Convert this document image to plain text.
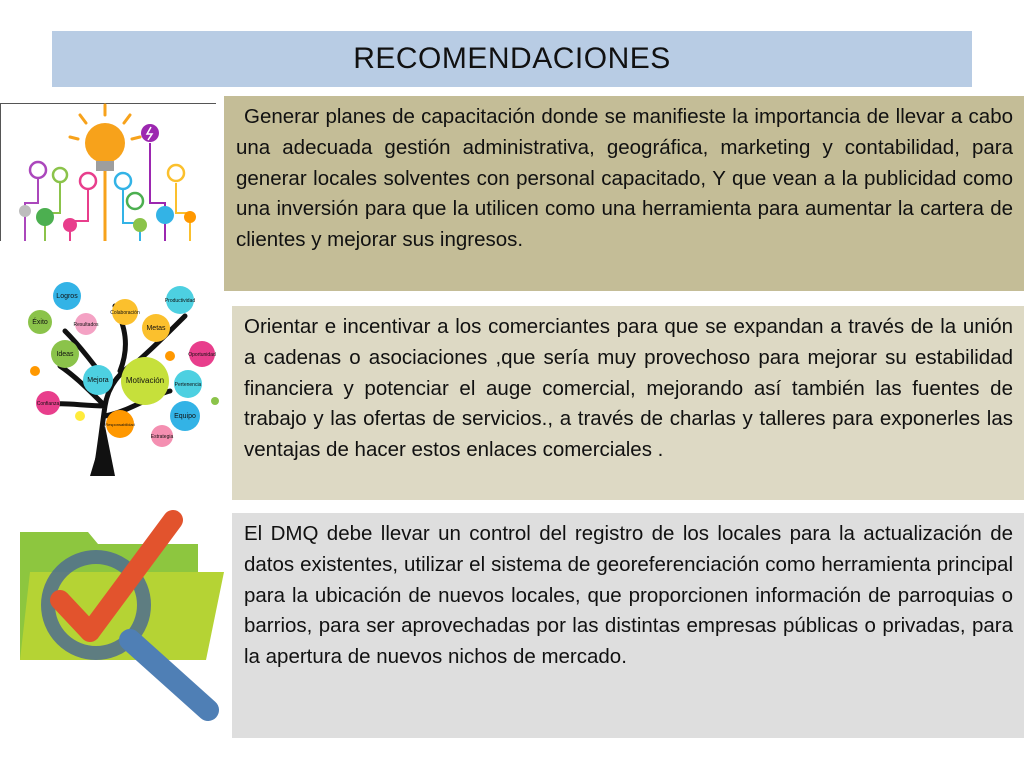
RECOMENDACIONES
Logros
Éxito	Resultados
Colaboración
Productividad
Metas
Ideas
Motivación
Oportunidad
Mejora
Pertenencia
Confianza
Responsabilidad
Equipo
Estrategia

Generar planes de capacitación donde se manifieste la importancia de llevar a cabo una adecuada gestión administrativa, geográfica, marketing y contabilidad, para generar locales solventes con personal capacitado, Y que vean a la publicidad como una inversión para que la utilicen como una herramienta para aumentar la cartera de clientes y mejorar sus ingresos.

Orientar e incentivar a los comerciantes para que se expandan a través de la unión a cadenas o asociaciones ,que sería muy provechoso para mejorar su estabilidad financiera y potenciar el auge comercial, mejorando así también las fuentes de trabajo y las ofertas de servicios., a través de charlas y talleres para exponerles las ventajas de hacer estos enlaces comerciales .

El DMQ debe llevar un control del registro de los locales para la actualización de datos existentes, utilizar el sistema de georeferenciación como herramienta principal para la ubicación de nuevos locales, que proporcionen información de parroquias o barrios, para ser aprovechadas por las distintas empresas públicas o privadas, para la apertura de nuevos nichos de mercado.
